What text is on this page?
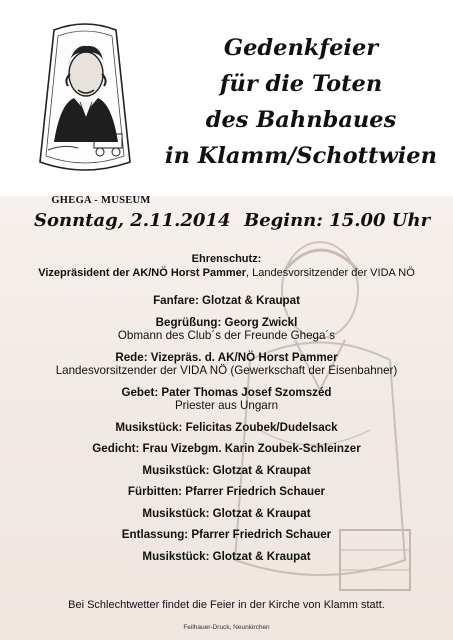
GHEGA - MUSEUM
Gedenkfeier
für die Toten
des Bahnbaues
in Klamm/Schottwien
Sonntag, 2.11.2014 Beginn: 15.00 Uhr
Ehrenschutz:
Vizepräsident der AK/NÖ Horst Pammer, Landesvorsitzender der VIDA NÖ
Fanfare: Glotzat & Kraupat
Begrüßung: Georg Zwickl
Obmann des Club´s der Freunde Ghega´s
Rede: Vizepräs. d. AK/NÖ Horst Pammer
Landesvorsitzender der VIDA NÖ (Gewerkschaft der Eisenbahner)
Gebet: Pater Thomas Josef Szomszéd
Priester aus Ungarn
Musikstück: Felicitas Zoubek/Dudelsack
Gedicht: Frau Vizebgm. Karin Zoubek-Schleinzer
Musikstück: Glotzat & Kraupat
Fürbitten: Pfarrer Friedrich Schauer
Musikstück: Glotzat & Kraupat
Entlassung: Pfarrer Friedrich Schauer
Musikstück: Glotzat & Kraupat
Bei Schlechtwetter findet die Feier in der Kirche von Klamm statt.
Feilhauer-Druck, Neunkirchen
